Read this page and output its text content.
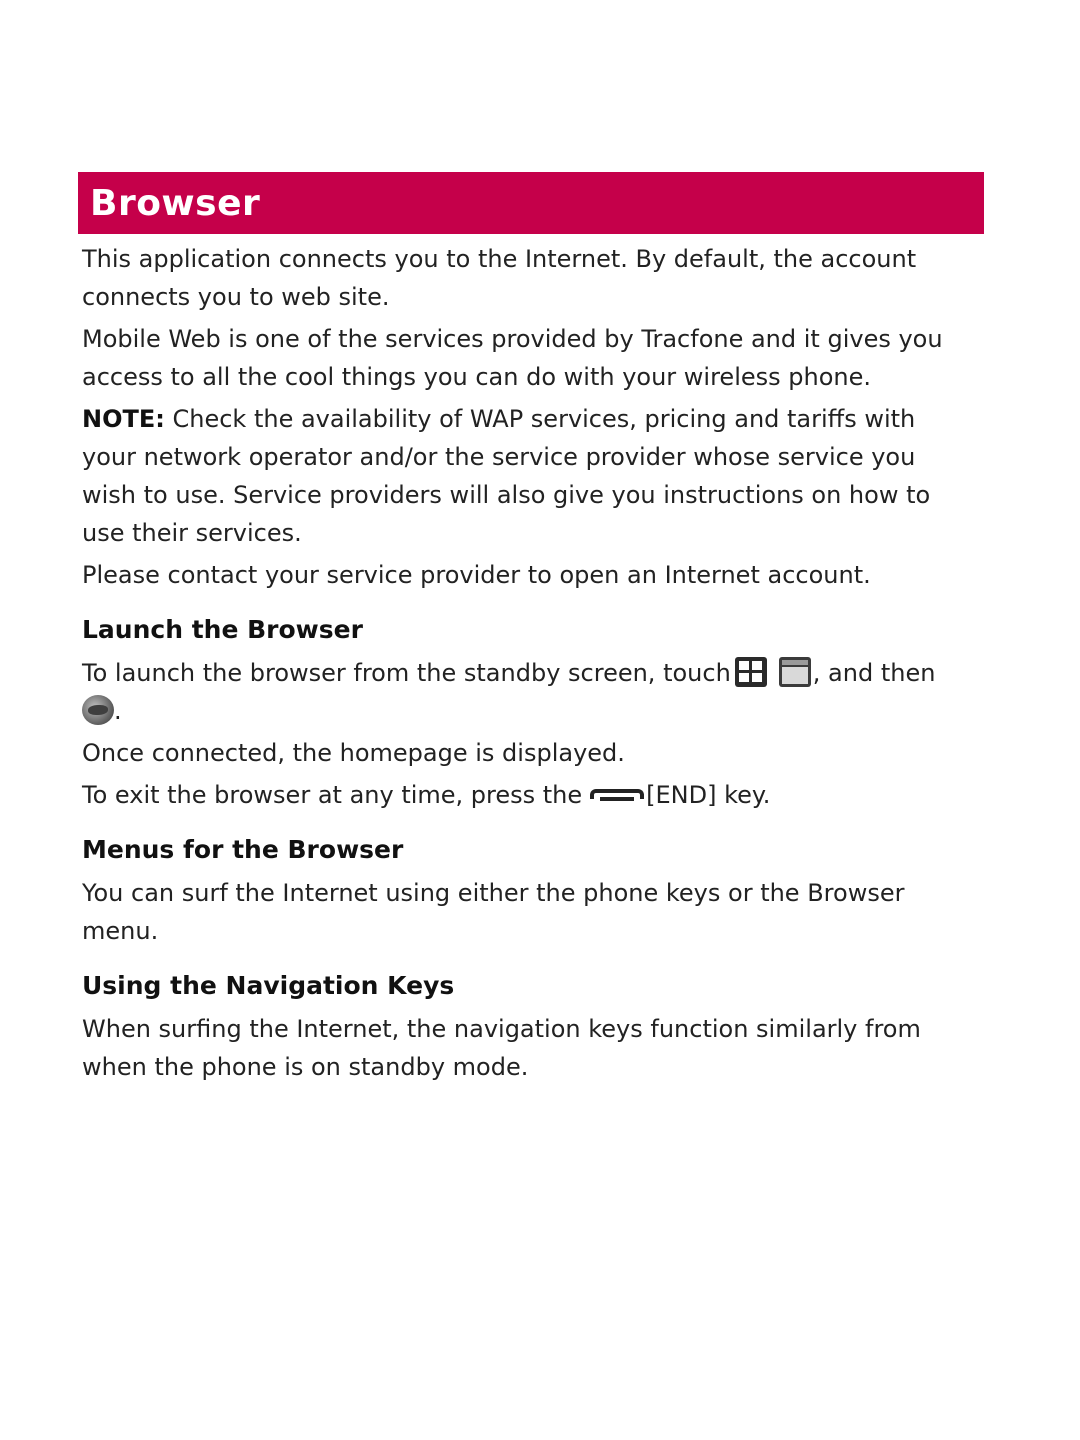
Browser

This application connects you to the Internet. By default, the account connects you to web site.

Mobile Web is one of the services provided by Tracfone and it gives you access to all the cool things you can do with your wireless phone.

NOTE: Check the availability of WAP services, pricing and tariffs with your network operator and/or the service provider whose service you wish to use. Service providers will also give you instructions on how to use their services.

Please contact your service provider to open an Internet account.

Launch the Browser

To launch the browser from the standby screen, touch	, and then
.

Once connected, the homepage is displayed.

To exit the browser at any time, press the	[END] key.

Menus for the Browser

You can surf the Internet using either the phone keys or the Browser menu.

Using the Navigation Keys

When surfing the Internet, the navigation keys function similarly from when the phone is on standby mode.
